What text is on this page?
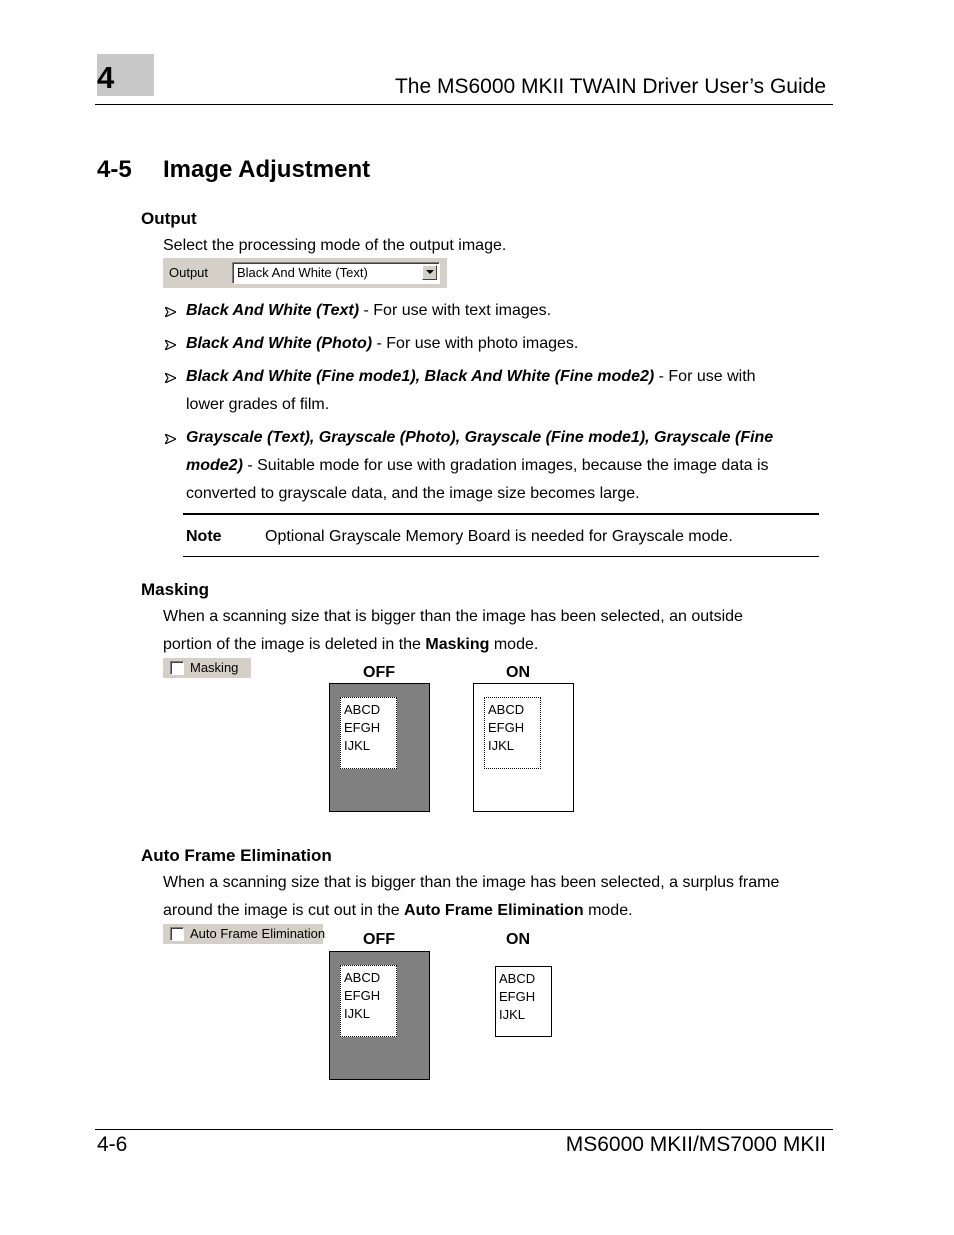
4	The MS6000 MKII TWAIN Driver User’s Guide
4-5 Image Adjustment
Output
Select the processing mode of the output image.
Output Black And White (Text)
Black And White (Text) - For use with text images.
Black And White (Photo) - For use with photo images.
Black And White (Fine mode1), Black And White (Fine mode2) - For use with
lower grades of film.
Grayscale (Text), Grayscale (Photo), Grayscale (Fine mode1), Grayscale (Fine
mode2) - Suitable mode for use with gradation images, because the image data is
converted to grayscale data, and the image size becomes large.
Note	Optional Grayscale Memory Board is needed for Grayscale mode.
Masking
When a scanning size that is bigger than the image has been selected, an outside
portion of the image is deleted in the Masking mode.
Masking	OFF	ON
ABCD
EFGH
IJKL
ABCD
EFGH
IJKL
Auto Frame Elimination
When a scanning size that is bigger than the image has been selected, a surplus frame
around the image is cut out in the Auto Frame Elimination mode.
Auto Frame Elimination OFF	ON
ABCD
EFGH
IJKL
ABCD
EFGH
IJKL
4-6	MS6000 MKII/MS7000 MKII
